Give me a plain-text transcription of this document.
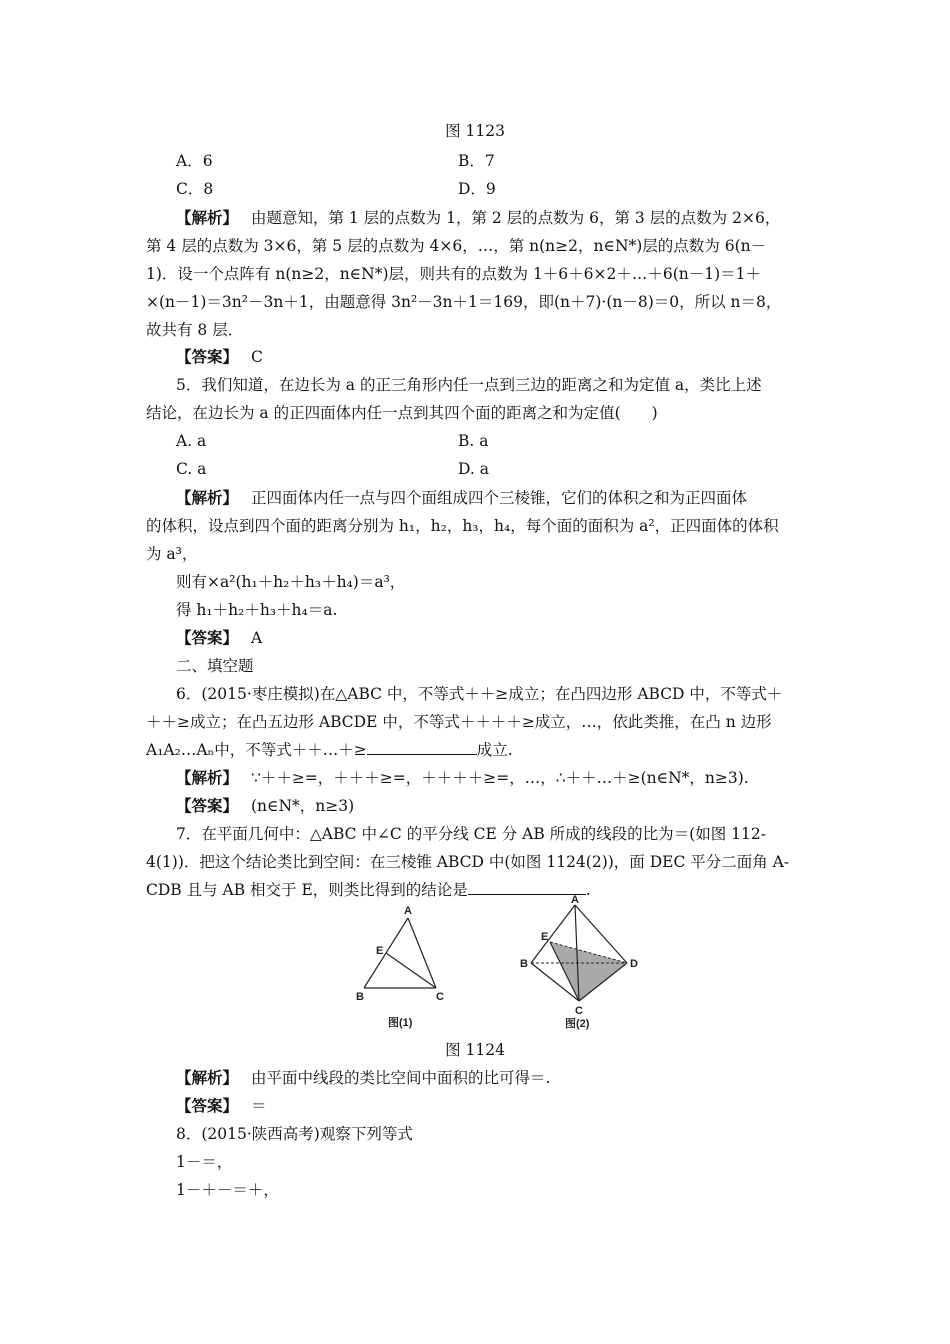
图 1123
A．6	B．7
C．8	D．9
【解析】 由题意知，第 1 层的点数为 1，第 2 层的点数为 6，第 3 层的点数为 2×6，
第 4 层的点数为 3×6，第 5 层的点数为 4×6，…，第 n(n≥2，n∈N*)层的点数为 6(n－
1)．设一个点阵有 n(n≥2，n∈N*)层，则共有的点数为 1＋6＋6×2＋…＋6(n－1)＝1＋
×(n－1)＝3n²－3n＋1，由题意得 3n²－3n＋1＝169，即(n＋7)·(n－8)＝0，所以 n＝8，
故共有 8 层．
【答案】 C
5．我们知道，在边长为 a 的正三角形内任一点到三边的距离之和为定值 a，类比上述
结论，在边长为 a 的正四面体内任一点到其四个面的距离之和为定值(　　)
A. a	B. a
C. a	D. a
【解析】 正四面体内任一点与四个面组成四个三棱锥，它们的体积之和为正四面体
的体积，设点到四个面的距离分别为 h₁，h₂，h₃，h₄，每个面的面积为 a²，正四面体的体积
为 a³，
则有×a²(h₁＋h₂＋h₃＋h₄)＝a³，
得 h₁＋h₂＋h₃＋h₄＝a.
【答案】 A
二、填空题
6．(2015·枣庄模拟)在△ABC 中，不等式＋＋≥成立；在凸四边形 ABCD 中，不等式＋
＋＋≥成立；在凸五边形 ABCDE 中，不等式＋＋＋＋≥成立，…，依此类推，在凸 n 边形
A₁A₂…Aₙ中，不等式＋＋…＋≥	成立.
【解析】 ∵＋＋≥=，＋＋＋≥=，＋＋＋＋≥=，…，∴＋＋…＋≥(n∈N*，n≥3).
【答案】 (n∈N*，n≥3)
7．在平面几何中：△ABC 中∠C 的平分线 CE 分 AB 所成的线段的比为＝(如图 112-
4(1))．把这个结论类比到空间：在三棱锥 ABCD 中(如图 1124(2))，面 DEC 平分二面角 A-
CDB 且与 AB 相交于 E，则类比得到的结论是	.
A
E
B	C
图(1)
A
E
B	D
C
图(2)
图 1124
【解析】 由平面中线段的类比空间中面积的比可得＝.
【答案】 ＝
8．(2015·陕西高考)观察下列等式
1－＝，
1－＋－＝＋，
